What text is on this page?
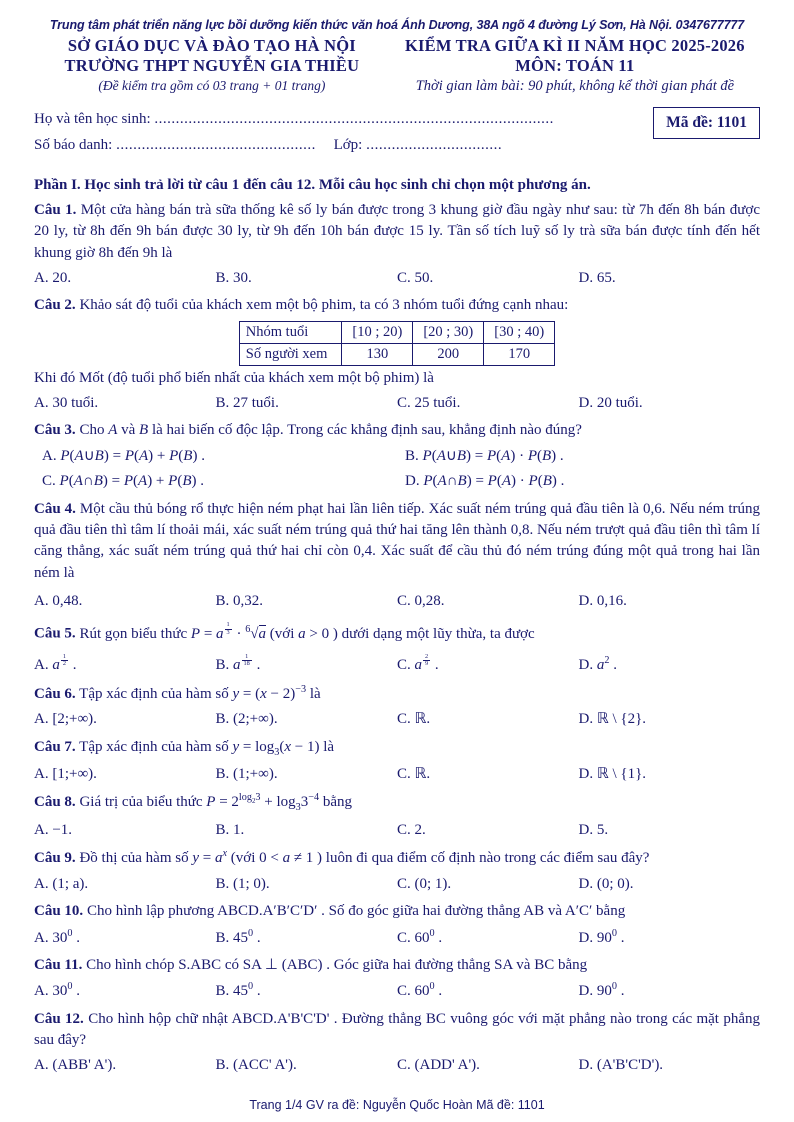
Trung tâm phát triển năng lực bồi dưỡng kiến thức văn hoá Ánh Dương, 38A ngõ 4 đường Lý Sơn, Hà Nội. 0347677777
SỞ GIÁO DỤC VÀ ĐÀO TẠO HÀ NỘI
TRƯỜNG THPT NGUYỄN GIA THIỀU
(Đề kiểm tra gồm có 03 trang + 01 trang)
KIỂM TRA GIỮA KÌ II NĂM HỌC 2025-2026
MÔN: TOÁN 11
Thời gian làm bài: 90 phút, không kể thời gian phát đề
Họ và tên học sinh: ..............................................................................................
Số báo danh: ............................................... Lớp: ................................
Mã đề: 1101
Phần I. Học sinh trả lời từ câu 1 đến câu 12. Mỗi câu học sinh chỉ chọn một phương án.
Câu 1. Một cửa hàng bán trà sữa thống kê số ly bán được trong 3 khung giờ đầu ngày như sau: từ 7h đến 8h bán được 20 ly, từ 8h đến 9h bán được 30 ly, từ 9h đến 10h bán được 15 ly. Tần số tích luỹ số ly trà sữa bán được tính đến hết khung giờ 8h đến 9h là
A. 20.	B. 30.	C. 50.	D. 65.
Câu 2. Khảo sát độ tuổi của khách xem một bộ phim, ta có 3 nhóm tuổi đứng cạnh nhau:
Nhóm tuổi	[10 ; 20)	[20 ; 30)	[30 ; 40)
Số người xem	130	200	170
Khi đó Mốt (độ tuổi phổ biến nhất của khách xem một bộ phim) là
A. 30 tuổi.	B. 27 tuổi.	C. 25 tuổi.	D. 20 tuổi.
Câu 3. Cho A và B là hai biến cố độc lập. Trong các khẳng định sau, khẳng định nào đúng?
A. P(A∪B) = P(A) + P(B) .	B. P(A∪B) = P(A) · P(B) .
C. P(A∩B) = P(A) + P(B) .	D. P(A∩B) = P(A) · P(B) .
Câu 4. Một cầu thủ bóng rổ thực hiện ném phạt hai lần liên tiếp. Xác suất ném trúng quả đầu tiên là 0,6. Nếu ném trúng quả đầu tiên thì tâm lí thoải mái, xác suất ném trúng quả thứ hai tăng lên thành 0,8. Nếu ném trượt quả đầu tiên thì tâm lí căng thẳng, xác suất ném trúng quả thứ hai chỉ còn 0,4. Xác suất để cầu thủ đó ném trúng đúng một quả trong hai lần ném là
A. 0,48.	B. 0,32.	C. 0,28.	D. 0,16.
Câu 5. Rút gọn biểu thức P = a $^{\frac{1}{3}}$ · $^6$√a (với a > 0 ) dưới dạng một lũy thừa, ta được
A. a $^{\frac{1}{2}}$ .	B. a $^{\frac{1}{18}}$ .	C. a $^{\frac{2}{9}}$ .	D. $a^2$ .
Câu 6. Tập xác định của hàm số $y = (x - 2)^{-3}$ là
A. [2;+∞).	B. (2;+∞).	C. ℝ.	D. ℝ \ {2}.
Câu 7. Tập xác định của hàm số $y = \log_3(x - 1)$ là
A. [1;+∞).	B. (1;+∞).	C. ℝ.	D. ℝ \ {1}.
Câu 8. Giá trị của biểu thức $P = 2^{log_23} + \log_33^{-4}$ bằng
A. −1.	B. 1.	C. 2.	D. 5.
Câu 9. Đồ thị của hàm số $y = a^x$ (với 0 < a ≠ 1 ) luôn đi qua điểm cố định nào trong các điểm sau đây?
A. (1; a).	B. (1; 0).	C. (0; 1).	D. (0; 0).
Câu 10. Cho hình lập phương ABCD.A′B′C′D′ . Số đo góc giữa hai đường thẳng AB và A′C′ bằng
A. $30^0$ .	B. $45^0$ .	C. $60^0$ .	D. $90^0$ .
Câu 11. Cho hình chóp S.ABC có SA ⊥ (ABC) . Góc giữa hai đường thẳng SA và BC bằng
A. $30^0$ .	B. $45^0$ .	C. $60^0$ .	D. $90^0$ .
Câu 12. Cho hình hộp chữ nhật ABCD.A'B'C'D' . Đường thẳng BC vuông góc với mặt phẳng nào trong các mặt phẳng sau đây?
A. (ABB' A').	B. (ACC' A').	C. (ADD' A').	D. (A'B'C'D').
Trang 1/4 GV ra đề: Nguyễn Quốc Hoàn Mã đề: 1101
